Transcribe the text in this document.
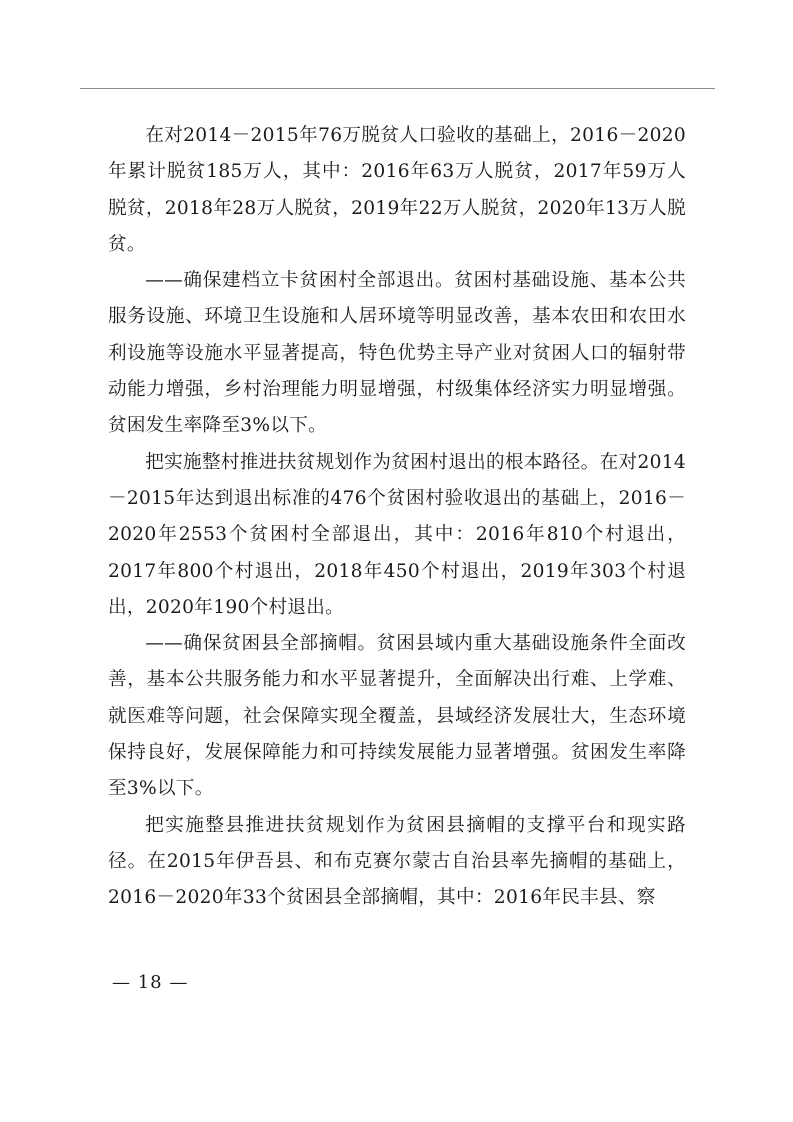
在对2014－2015年76万脱贫人口验收的基础上，2016－2020年累计脱贫185万人，其中：2016年63万人脱贫，2017年59万人脱贫，2018年28万人脱贫，2019年22万人脱贫，2020年13万人脱贫。

——确保建档立卡贫困村全部退出。贫困村基础设施、基本公共服务设施、环境卫生设施和人居环境等明显改善，基本农田和农田水利设施等设施水平显著提高，特色优势主导产业对贫困人口的辐射带动能力增强，乡村治理能力明显增强，村级集体经济实力明显增强。贫困发生率降至3%以下。

把实施整村推进扶贫规划作为贫困村退出的根本路径。在对2014－2015年达到退出标准的476个贫困村验收退出的基础上，2016－2020年2553个贫困村全部退出，其中：2016年810个村退出，2017年800个村退出，2018年450个村退出，2019年303个村退出，2020年190个村退出。

——确保贫困县全部摘帽。贫困县域内重大基础设施条件全面改善，基本公共服务能力和水平显著提升，全面解决出行难、上学难、就医难等问题，社会保障实现全覆盖，县域经济发展壮大，生态环境保持良好，发展保障能力和可持续发展能力显著增强。贫困发生率降至3%以下。

把实施整县推进扶贫规划作为贫困县摘帽的支撑平台和现实路径。在2015年伊吾县、和布克赛尔蒙古自治县率先摘帽的基础上，2016－2020年33个贫困县全部摘帽，其中：2016年民丰县、察

— 18 —
